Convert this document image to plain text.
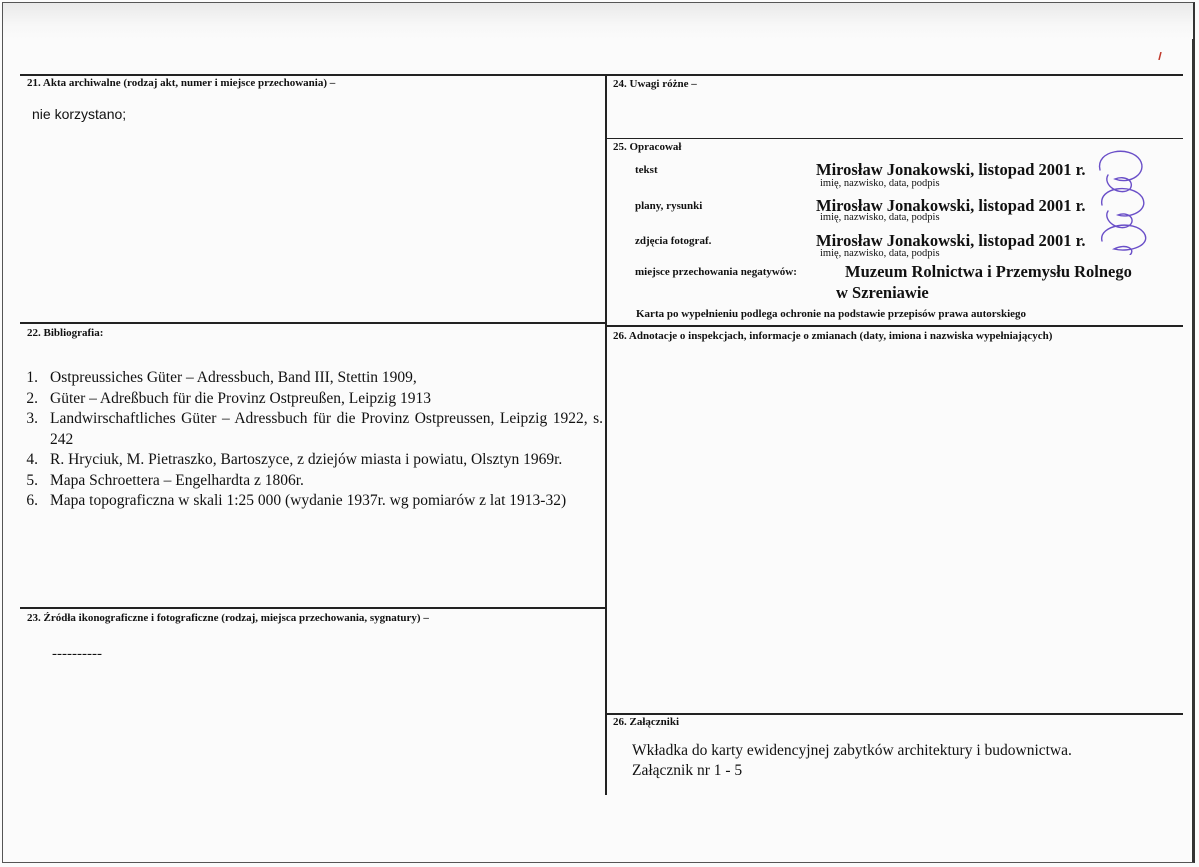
21. Akta archiwalne (rodzaj akt, numer i miejsce przechowania) –
nie korzystano;
22. Bibliografia:
1. Ostpreussiches Güter – Adressbuch, Band III, Stettin 1909,
2. Güter – Adreßbuch für die Provinz Ostpreußen, Leipzig 1913
3. Landwirschaftliches Güter – Adressbuch für die Provinz Ostpreussen, Leipzig 1922, s. 242
4. R. Hryciuk, M. Pietraszko, Bartoszyce, z dziejów miasta i powiatu, Olsztyn 1969r.
5. Mapa Schroettera – Engelhardta z 1806r.
6. Mapa topograficzna w skali 1:25 000 (wydanie 1937r. wg pomiarów z lat 1913-32)
23. Źródła ikonograficzne i fotograficzne (rodzaj, miejsca przechowania, sygnatury) –
----------
24. Uwagi różne –
25. Opracował
tekst	Mirosław Jonakowski, listopad 2001 r.
imię, nazwisko, data, podpis
plany, rysunki	Mirosław Jonakowski, listopad 2001 r.
imię, nazwisko, data, podpis
zdjęcia fotograf.	Mirosław Jonakowski, listopad 2001 r.
imię, nazwisko, data, podpis
miejsce przechowania negatywów:	Muzeum Rolnictwa i Przemysłu Rolnego
w Szreniawie
Karta po wypełnieniu podlega ochronie na podstawie przepisów prawa autorskiego
26. Adnotacje o inspekcjach, informacje o zmianach (daty, imiona i nazwiska wypełniających)
26. Załączniki
Wkładka do karty ewidencyjnej zabytków architektury i budownictwa.
Załącznik nr 1 - 5
